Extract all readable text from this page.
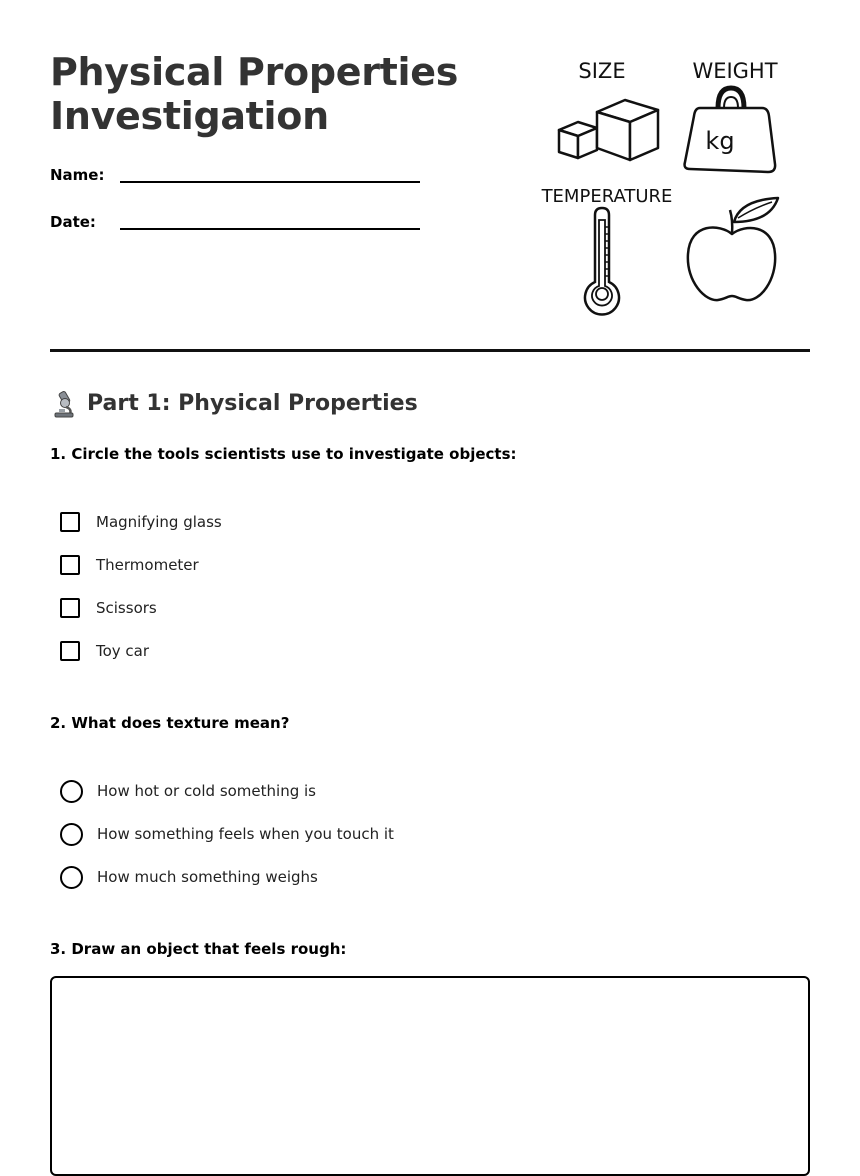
Physical Properties
Investigation
Name:
Date:
SIZE	WEIGHT
TEMPERATURE
kg
Part 1: Physical Properties

1. Circle the tools scientists use to investigate objects:

Magnifying glass
Thermometer
Scissors
Toy car

2. What does texture mean?

How hot or cold something is
How something feels when you touch it
How much something weighs

3. Draw an object that feels rough:
